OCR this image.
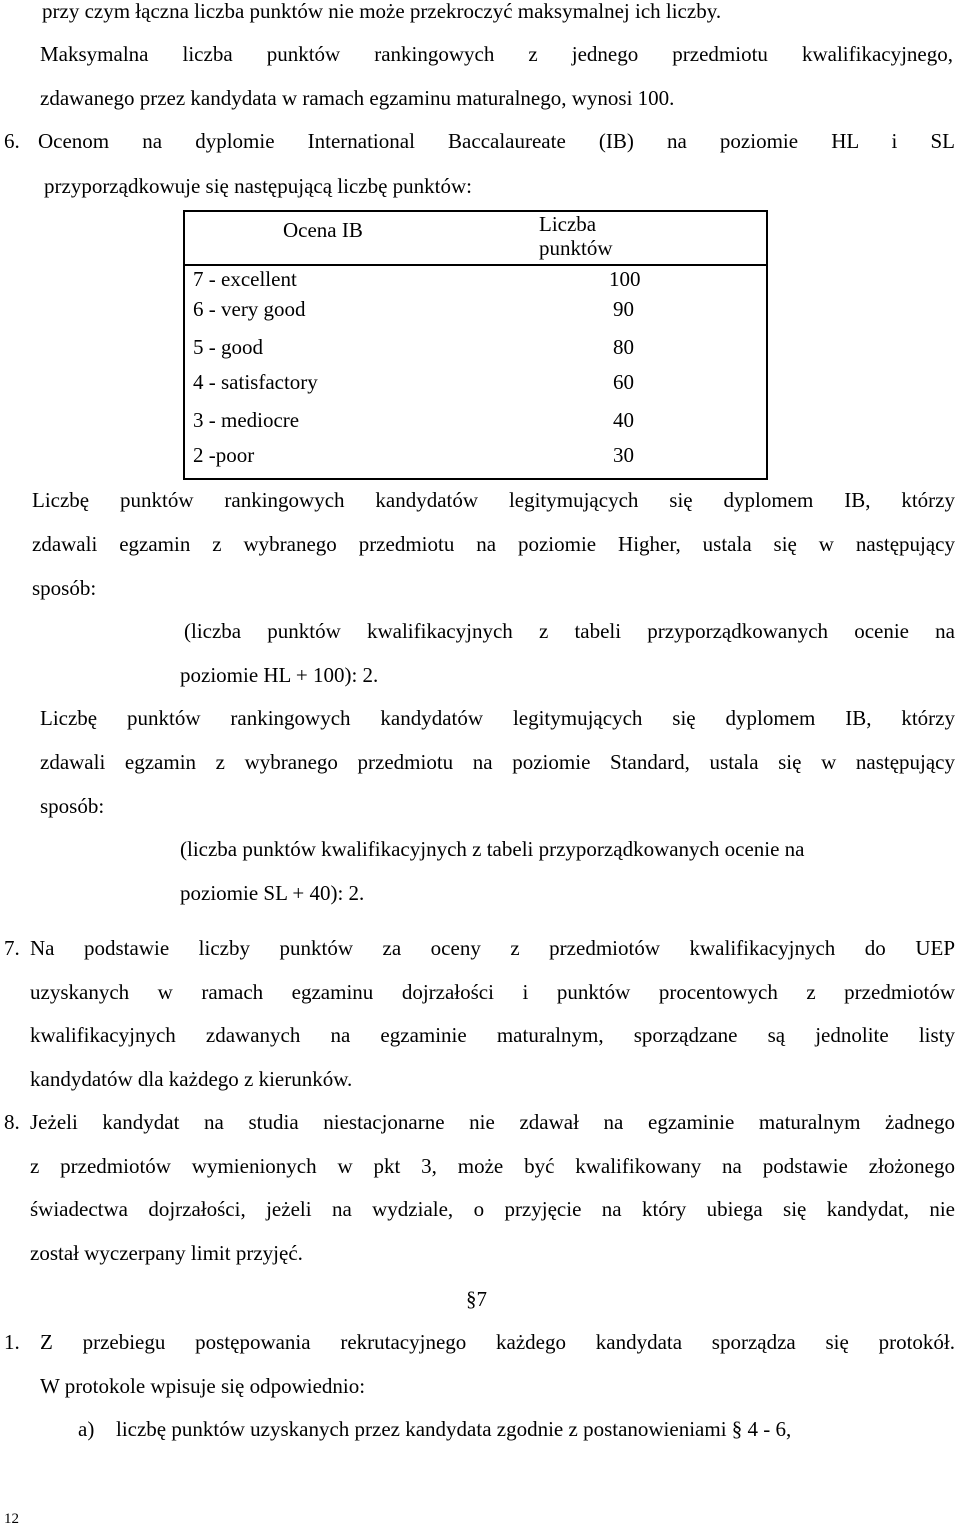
przy czym łączna liczba punktów nie może przekroczyć maksymalnej ich liczby.

Maksymalna liczba punktów rankingowych z jednego przedmiotu kwalifikacyjnego,

zdawanego przez kandydata w ramach egzaminu maturalnego, wynosi 100.

6. Ocenom na dyplomie International Baccalaureate (IB) na poziomie HL i SL

przyporządkowuje się następującą liczbę punktów:

Ocena IB	Liczba
punktów
7 - excellent	100
6 - very good	90
5 - good	80
4 - satisfactory	60
3 - mediocre	40
2 -poor	30

Liczbę punktów rankingowych kandydatów legitymujących się dyplomem IB, którzy

zdawali egzamin z wybranego przedmiotu na poziomie Higher, ustala się w następujący

sposób:

(liczba punktów kwalifikacyjnych z tabeli przyporządkowanych ocenie na

poziomie HL + 100): 2.

Liczbę punktów rankingowych kandydatów legitymujących się dyplomem IB, którzy

zdawali egzamin z wybranego przedmiotu na poziomie Standard, ustala się w następujący

sposób:

(liczba punktów kwalifikacyjnych z tabeli przyporządkowanych ocenie na

poziomie SL + 40): 2.

7. Na podstawie liczby punktów za oceny z przedmiotów kwalifikacyjnych do UEP

uzyskanych w ramach egzaminu dojrzałości i punktów procentowych z przedmiotów

kwalifikacyjnych zdawanych na egzaminie maturalnym, sporządzane są jednolite listy

kandydatów dla każdego z kierunków.

8. Jeżeli kandydat na studia niestacjonarne nie zdawał na egzaminie maturalnym żadnego

z przedmiotów wymienionych w pkt 3, może być kwalifikowany na podstawie złożonego

świadectwa dojrzałości, jeżeli na wydziale, o przyjęcie na który ubiega się kandydat, nie

został wyczerpany limit przyjęć.

§7

1. Z przebiegu postępowania rekrutacyjnego każdego kandydata sporządza się protokół.

W protokole wpisuje się odpowiednio:

a) liczbę punktów uzyskanych przez kandydata zgodnie z postanowieniami § 4 - 6,

12
